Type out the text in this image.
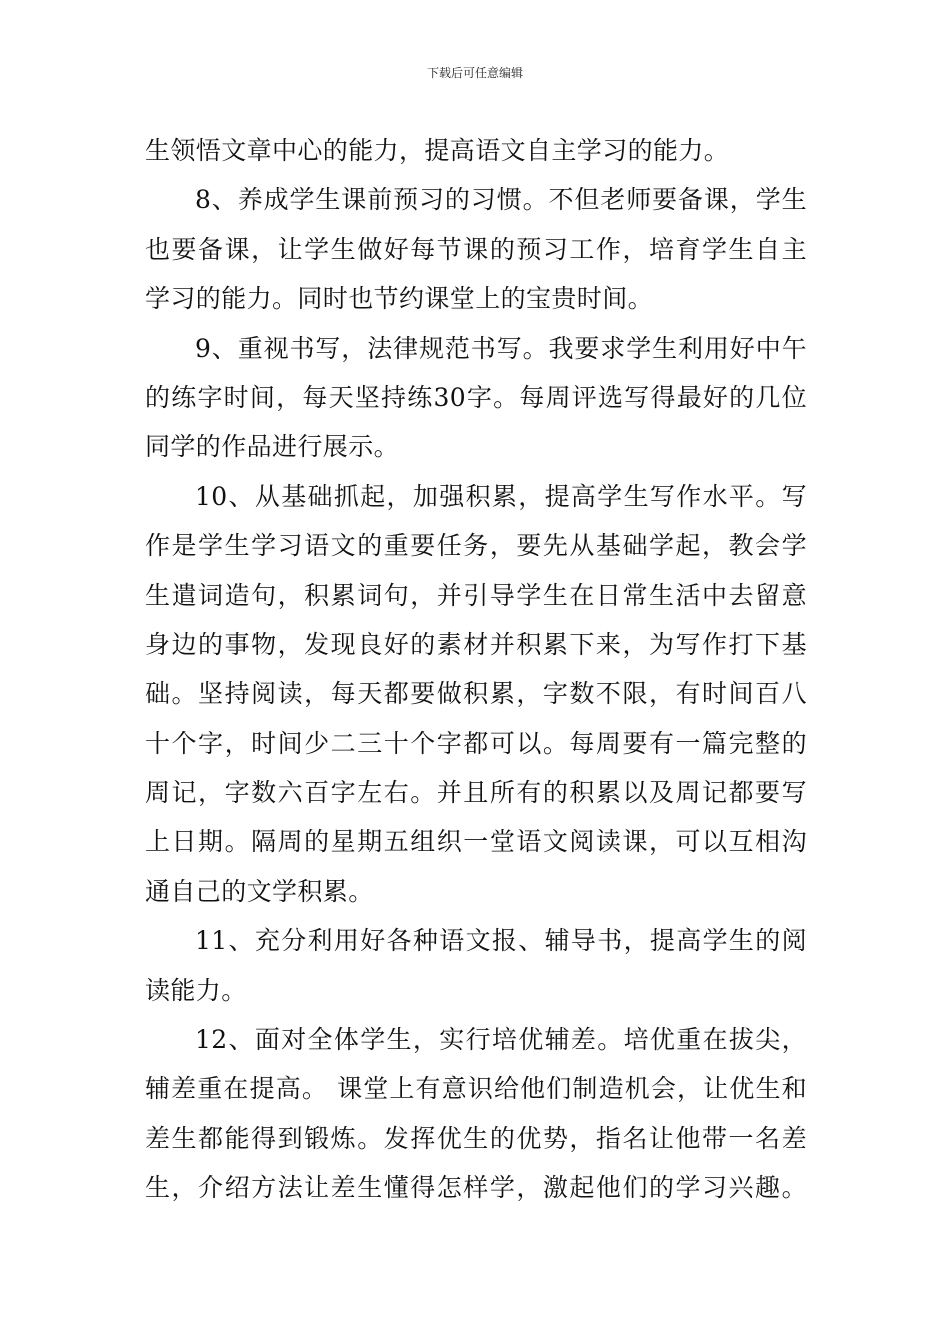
下载后可任意编辑
生领悟文章中心的能力，提高语文自主学习的能力。
8、养成学生课前预习的习惯。不但老师要备课，学生
也要备课，让学生做好每节课的预习工作，培育学生自主
学习的能力。同时也节约课堂上的宝贵时间。
9、重视书写，法律规范书写。我要求学生利用好中午
的练字时间，每天坚持练30字。每周评选写得最好的几位
同学的作品进行展示。
10、从基础抓起，加强积累，提高学生写作水平。写
作是学生学习语文的重要任务，要先从基础学起，教会学
生遣词造句，积累词句，并引导学生在日常生活中去留意
身边的事物，发现良好的素材并积累下来，为写作打下基
础。坚持阅读，每天都要做积累，字数不限，有时间百八
十个字，时间少二三十个字都可以。每周要有一篇完整的
周记，字数六百字左右。并且所有的积累以及周记都要写
上日期。隔周的星期五组织一堂语文阅读课，可以互相沟
通自己的文学积累。
11、充分利用好各种语文报、辅导书，提高学生的阅
读能力。
12、面对全体学生，实行培优辅差。培优重在拔尖，
辅差重在提高。 课堂上有意识给他们制造机会，让优生和
差生都能得到锻炼。发挥优生的优势，指名让他带一名差
生，介绍方法让差生懂得怎样学，激起他们的学习兴趣。
